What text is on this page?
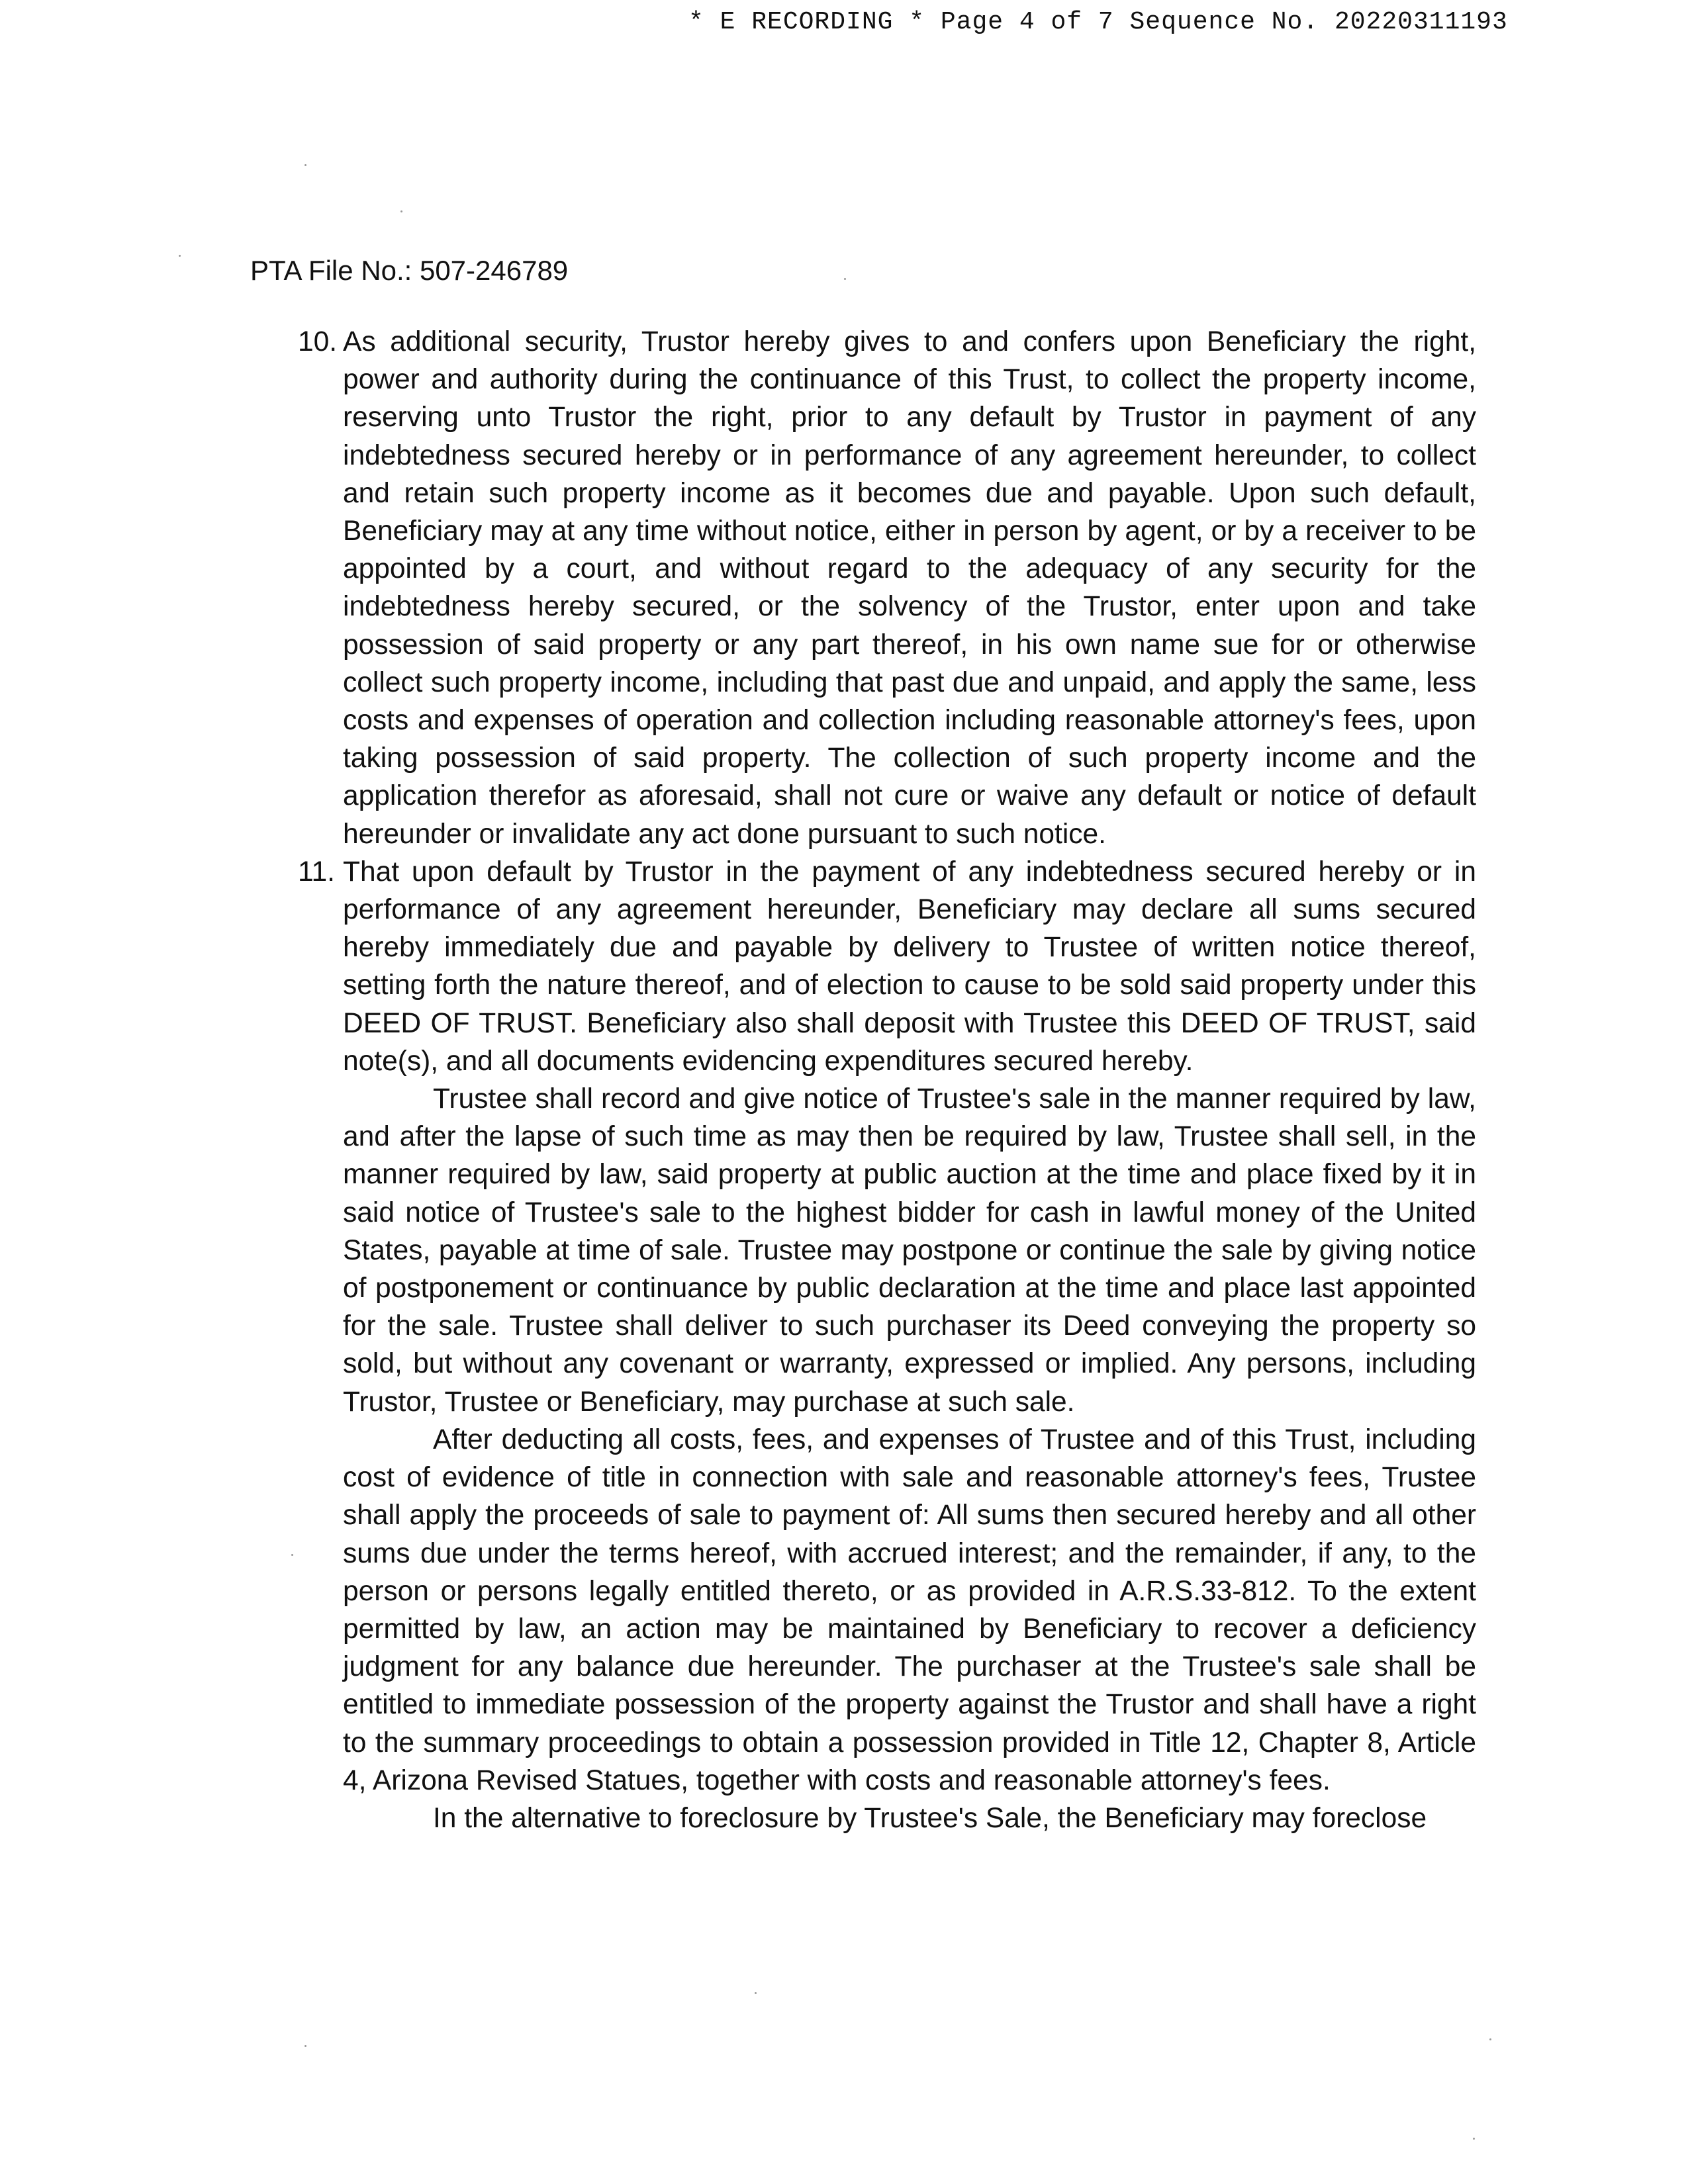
* E RECORDING * Page 4 of 7 Sequence No. 20220311193
PTA File No.: 507-246789
10. As additional security, Trustor hereby gives to and confers upon Beneficiary the right, power and authority during the continuance of this Trust, to collect the property income, reserving unto Trustor the right, prior to any default by Trustor in payment of any indebtedness secured hereby or in performance of any agreement hereunder, to collect and retain such property income as it becomes due and payable. Upon such default, Beneficiary may at any time without notice, either in person by agent, or by a receiver to be appointed by a court, and without regard to the adequacy of any security for the indebtedness hereby secured, or the solvency of the Trustor, enter upon and take possession of said property or any part thereof, in his own name sue for or otherwise collect such property income, including that past due and unpaid, and apply the same, less costs and expenses of operation and collection including reasonable attorney's fees, upon taking possession of said property. The collection of such property income and the application therefor as aforesaid, shall not cure or waive any default or notice of default hereunder or invalidate any act done pursuant to such notice.

11. That upon default by Trustor in the payment of any indebtedness secured hereby or in performance of any agreement hereunder, Beneficiary may declare all sums secured hereby immediately due and payable by delivery to Trustee of written notice thereof, setting forth the nature thereof, and of election to cause to be sold said property under this DEED OF TRUST. Beneficiary also shall deposit with Trustee this DEED OF TRUST, said note(s), and all documents evidencing expenditures secured hereby.

Trustee shall record and give notice of Trustee's sale in the manner required by law, and after the lapse of such time as may then be required by law, Trustee shall sell, in the manner required by law, said property at public auction at the time and place fixed by it in said notice of Trustee's sale to the highest bidder for cash in lawful money of the United States, payable at time of sale. Trustee may postpone or continue the sale by giving notice of postponement or continuance by public declaration at the time and place last appointed for the sale. Trustee shall deliver to such purchaser its Deed conveying the property so sold, but without any covenant or warranty, expressed or implied. Any persons, including Trustor, Trustee or Beneficiary, may purchase at such sale.

After deducting all costs, fees, and expenses of Trustee and of this Trust, including cost of evidence of title in connection with sale and reasonable attorney's fees, Trustee shall apply the proceeds of sale to payment of: All sums then secured hereby and all other sums due under the terms hereof, with accrued interest; and the remainder, if any, to the person or persons legally entitled thereto, or as provided in A.R.S.33-812. To the extent permitted by law, an action may be maintained by Beneficiary to recover a deficiency judgment for any balance due hereunder. The purchaser at the Trustee's sale shall be entitled to immediate possession of the property against the Trustor and shall have a right to the summary proceedings to obtain a possession provided in Title 12, Chapter 8, Article 4, Arizona Revised Statues, together with costs and reasonable attorney's fees.

In the alternative to foreclosure by Trustee's Sale, the Beneficiary may foreclose
